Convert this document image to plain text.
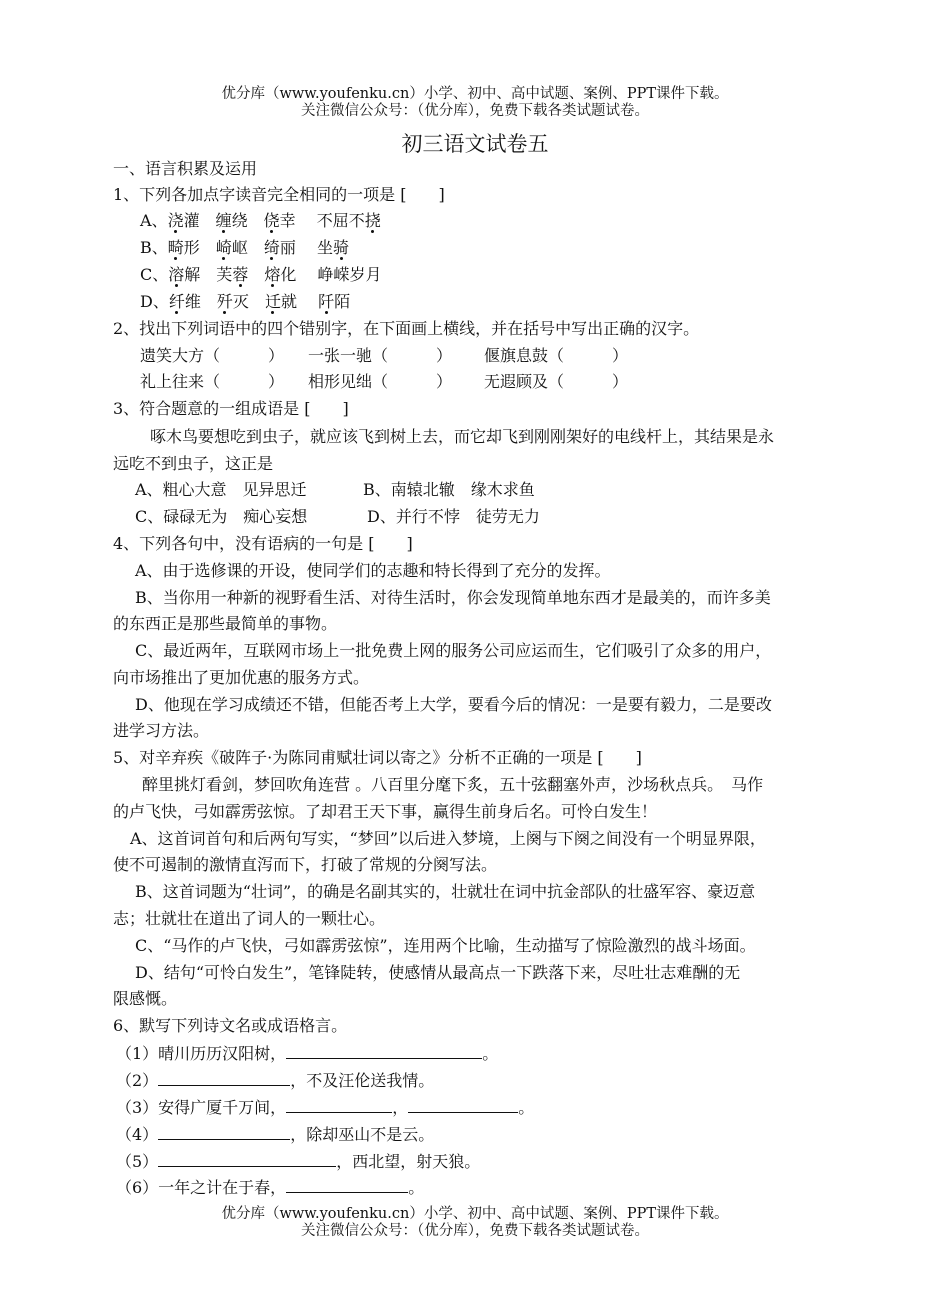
优分库（www.youfenku.cn）小学、初中、高中试题、案例、PPT课件下载。
关注微信公众号：（优分库），免费下载各类试题试卷。
初三语文试卷五
一、语言积累及运用
1、下列各加点字读音完全相同的一项是 [　　]
A、浇灌　 缠绕　 侥幸　 不屈不挠
B、畸形　 崎岖　 绮丽　 坐骑
C、溶解　 芙蓉　 熔化　 峥嵘岁月
D、纤维　 歼灭　 迁就　 阡陌
2、找出下列词语中的四个错别字，在下面画上横线，并在括号中写出正确的汉字。
遗笑大方（　　　） 一张一驰（　　　） 偃旗息鼓（　　　）
礼上往来（　　　） 相形见绌（　　　） 无遐顾及（　　　）
3、符合题意的一组成语是 [　　]
啄木鸟要想吃到虫子，就应该飞到树上去，而它却飞到刚刚架好的电线杆上，其结果是永
远吃不到虫子，这正是
A、粗心大意　见异思迁	B、南辕北辙　缘木求鱼
C、碌碌无为　痴心妄想	D、并行不悖　徒劳无力
4、下列各句中，没有语病的一句是 [　　]
A、由于选修课的开设，使同学们的志趣和特长得到了充分的发挥。
B、当你用一种新的视野看生活、对待生活时，你会发现简单地东西才是最美的，而许多美
的东西正是那些最简单的事物。
C、最近两年，互联网市场上一批免费上网的服务公司应运而生，它们吸引了众多的用户，
向市场推出了更加优惠的服务方式。
D、他现在学习成绩还不错，但能否考上大学，要看今后的情况：一是要有毅力，二是要改
进学习方法。
5、对辛弃疾《破阵子·为陈同甫赋壮词以寄之》分析不正确的一项是 [　　]
醉里挑灯看剑，梦回吹角连营 。八百里分麾下炙，五十弦翻塞外声，沙场秋点兵。　马作
的卢飞快，弓如霹雳弦惊。了却君王天下事，赢得生前身后名。可怜白发生！
A、这首词首句和后两句写实，“梦回”以后进入梦境，上阕与下阕之间没有一个明显界限，
使不可遏制的激情直泻而下，打破了常规的分阕写法。
B、这首词题为“壮词”，的确是名副其实的，壮就壮在词中抗金部队的壮盛军容、豪迈意
志；壮就壮在道出了词人的一颗壮心。
C、“马作的卢飞快，弓如霹雳弦惊”，连用两个比喻，生动描写了惊险激烈的战斗场面。
D、结句“可怜白发生”，笔锋陡转，使感情从最高点一下跌落下来，尽吐壮志难酬的无
限感慨。
6、默写下列诗文名或成语格言。
（1）晴川历历汉阳树，	。
（2）	，不及汪伦送我情。
（3）安得广厦千万间，	，	。
（4）	，除却巫山不是云。
（5）	，西北望，射天狼。
（6）一年之计在于春，	。
优分库（www.youfenku.cn）小学、初中、高中试题、案例、PPT课件下载。
关注微信公众号：（优分库），免费下载各类试题试卷。
